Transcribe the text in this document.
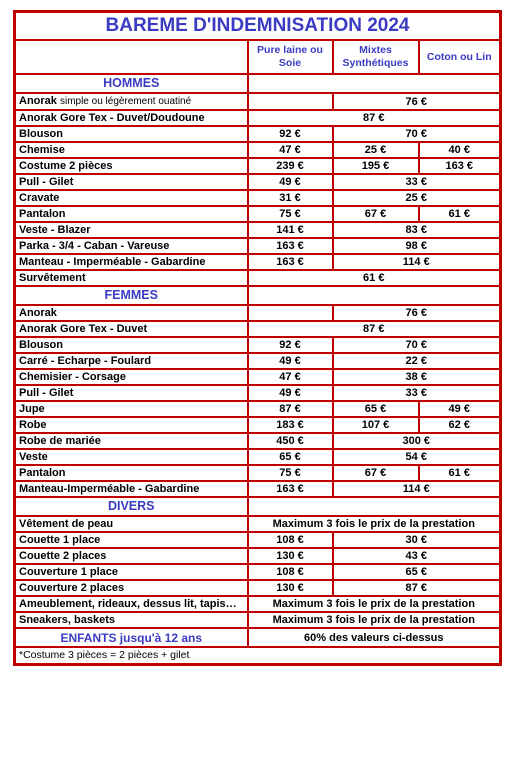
BAREME D'INDEMNISATION 2024			
	Pure laine ou Soie	Mixtes Synthétiques	Coton ou Lin
HOMMES			
Anorak simple ou légèrement ouatiné		76 €	
Anorak Gore Tex - Duvet/Doudoune	87 €		
Blouson	92 €	70 €	
Chemise	47 €	25 €	40 €
Costume 2 pièces	239 €	195 €	163 €
Pull - Gilet	49 €	33 €	
Cravate	31 €	25 €	
Pantalon	75 €	67 €	61 €
Veste - Blazer	141 €	83 €	
Parka - 3/4 - Caban - Vareuse	163 €	98 €	
Manteau - Imperméable - Gabardine	163 €	114 €	
Survêtement	61 €		
FEMMES			
Anorak		76 €	
Anorak Gore Tex - Duvet	87 €		
Blouson	92 €	70 €	
Carré - Echarpe - Foulard	49 €	22 €	
Chemisier - Corsage	47 €	38 €	
Pull - Gilet	49 €	33 €	
Jupe	87 €	65 €	49 €
Robe	183 €	107 €	62 €
Robe de mariée	450 €	300 €	
Veste	65 €	54 €	
Pantalon	75 €	67 €	61 €
Manteau-Imperméable - Gabardine	163 €	114 €	
DIVERS			
Vêtement de peau	Maximum 3 fois le prix de la prestation		
Couette 1 place	108 €	30 €	
Couette 2 places	130 €	43 €	
Couverture 1 place	108 €	65 €	
Couverture 2 places	130 €	87 €	
Ameublement, rideaux, dessus lit, tapis…	Maximum 3 fois le prix de la prestation		
Sneakers, baskets	Maximum 3 fois le prix de la prestation		
ENFANTS jusqu'à 12 ans	60% des valeurs ci-dessus		
*Costume 3 pièces = 2 pièces + gilet			
